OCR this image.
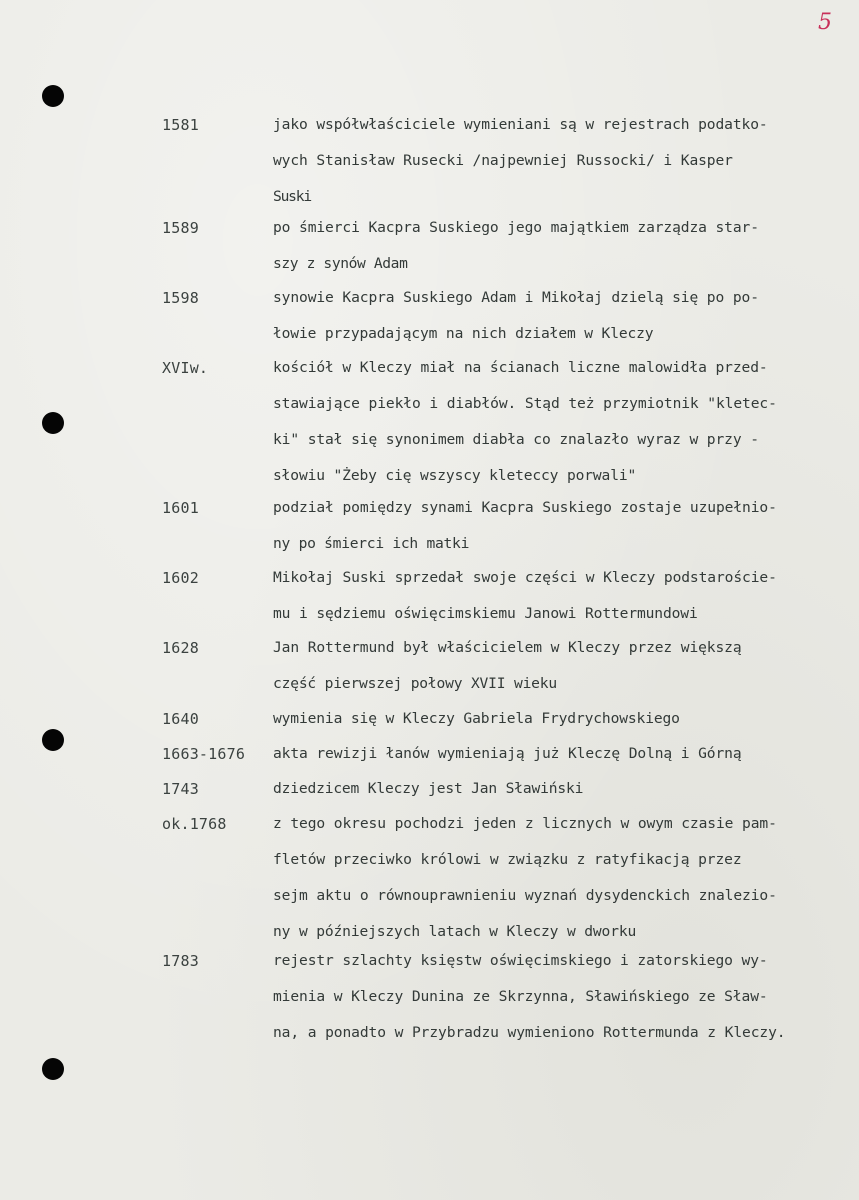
5

1581	jako współwłaściciele wymieniani są w rejestrach podatko-
wych Stanisław Rusecki /najpewniej Russocki/ i Kasper
Suski
1589	po śmierci Kacpra Suskiego jego majątkiem zarządza star-
szy z synów Adam
1598	synowie Kacpra Suskiego Adam i Mikołaj dzielą się po po-
łowie przypadającym na nich działem w Kleczy
XVIw.	kościół w Kleczy miał na ścianach liczne malowidła przed-
stawiające piekło i diabłów. Stąd też przymiotnik "kletec-
ki" stał się synonimem diabła co znalazło wyraz w przy -
słowiu "Żeby cię wszyscy kleteccy porwali"
1601	podział pomiędzy synami Kacpra Suskiego zostaje uzupełnio-
ny po śmierci ich matki
1602	Mikołaj Suski sprzedał swoje części w Kleczy podstaroście-
mu i sędziemu oświęcimskiemu Janowi Rottermundowi
1628	Jan Rottermund był właścicielem w Kleczy przez większą
część pierwszej połowy XVII wieku
1640	wymienia się w Kleczy Gabriela Frydrychowskiego
1663-1676 akta rewizji łanów wymieniają już Kleczę Dolną i Górną
1743	dziedzicem Kleczy jest Jan Sławiński
ok.1768	z tego okresu pochodzi jeden z licznych w owym czasie pam-
fletów przeciwko królowi w związku z ratyfikacją przez
sejm aktu o równouprawnieniu wyznań dysydenckich znalezio-
ny w późniejszych latach w Kleczy w dworku
1783	rejestr szlachty księstw oświęcimskiego i zatorskiego wy-
mienia w Kleczy Dunina ze Skrzynna, Sławińskiego ze Sław-
na, a ponadto w Przybradzu wymieniono Rottermunda z Kleczy.
